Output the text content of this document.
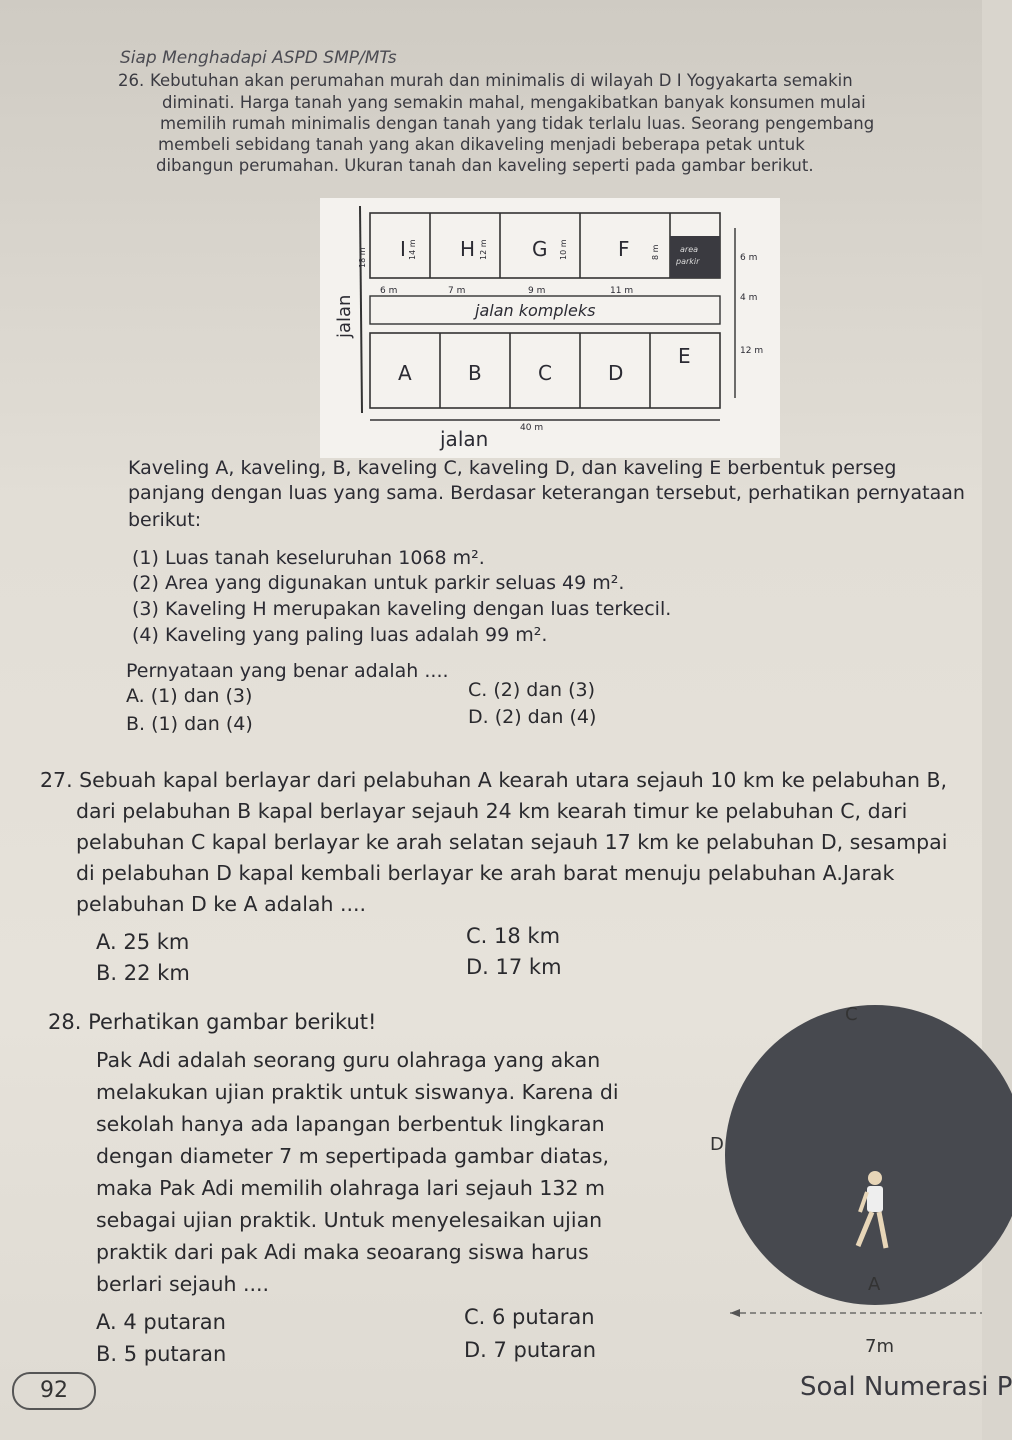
Siap Menghadapi ASPD SMP/MTs
26. Kebutuhan akan perumahan murah dan minimalis di wilayah D I Yogyakarta semakin
diminati. Harga tanah yang semakin mahal, mengakibatkan banyak konsumen mulai
memilih rumah minimalis dengan tanah yang tidak terlalu luas. Seorang pengembang
membeli sebidang tanah yang akan dikaveling menjadi beberapa petak untuk
dibangun perumahan. Ukuran tanah dan kaveling seperti pada gambar berikut.
I	H	G	F
14 m	12 m	10 m	8 m
6 m	7 m	9 m	11 m
18 m	area
parkir
jalan	jalan kompleks
A	B	C	D
E
jalan	40 m
6 m
4 m
12 m
Kaveling A, kaveling, B, kaveling C, kaveling D, dan kaveling E berbentuk perseg
panjang dengan luas yang sama. Berdasar keterangan tersebut, perhatikan pernyataan
berikut:
(1) Luas tanah keseluruhan 1068 m².
(2) Area yang digunakan untuk parkir seluas 49 m².
(3) Kaveling H merupakan kaveling dengan luas terkecil.
(4) Kaveling yang paling luas adalah 99 m².
Pernyataan yang benar adalah ....
A. (1) dan (3)	C. (2) dan (3)
B. (1) dan (4)	D. (2) dan (4)
27. Sebuah kapal berlayar dari pelabuhan A kearah utara sejauh 10 km ke pelabuhan B,
dari pelabuhan B kapal berlayar sejauh 24 km kearah timur ke pelabuhan C, dari
pelabuhan C kapal berlayar ke arah selatan sejauh 17 km ke pelabuhan D, sesampai
di pelabuhan D kapal kembali berlayar ke arah barat menuju pelabuhan A.Jarak
pelabuhan D ke A adalah ....
A. 25 km	C. 18 km
B. 22 km	D. 17 km
28. Perhatikan gambar berikut!
Pak Adi adalah seorang guru olahraga yang akan
melakukan ujian praktik untuk siswanya. Karena di
sekolah hanya ada lapangan berbentuk lingkaran
dengan diameter 7 m sepertipada gambar diatas,
maka Pak Adi memilih olahraga lari sejauh 132 m
sebagai ujian praktik. Untuk menyelesaikan ujian
praktik dari pak Adi maka seoarang siswa harus
berlari sejauh ....
A. 4 putaran	C. 6 putaran
B. 5 putaran	D. 7 putaran
C
D
A
7m
92	Soal Numerasi P
